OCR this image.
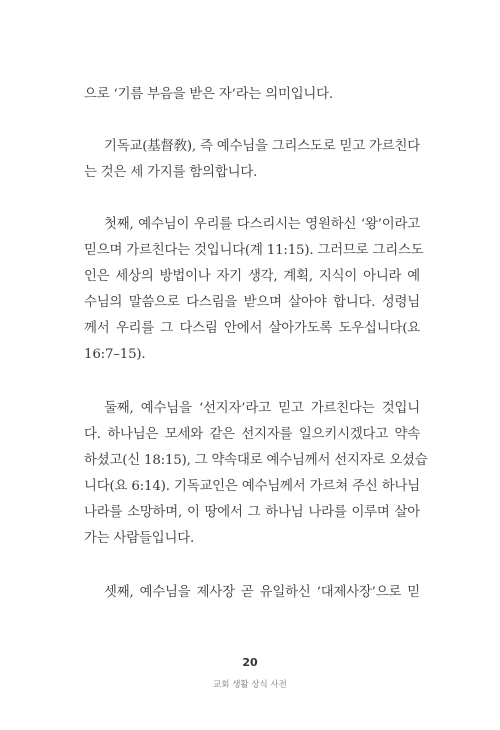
으로 ‘기름 부음을 받은 자’라는 의미입니다.
기독교(基督敎), 즉 예수님을 그리스도로 믿고 가르친다
는 것은 세 가지를 함의합니다.
첫째, 예수님이 우리를 다스리시는 영원하신 ‘왕’이라고
믿으며 가르친다는 것입니다(계 11:15). 그러므로 그리스도
인은 세상의 방법이나 자기 생각, 계획, 지식이 아니라 예
수님의 말씀으로 다스림을 받으며 살아야 합니다. 성령님
께서 우리를 그 다스림 안에서 살아가도록 도우십니다(요
16:7–15).
둘째, 예수님을 ‘선지자’라고 믿고 가르친다는 것입니
다. 하나님은 모세와 같은 선지자를 일으키시겠다고 약속
하셨고(신 18:15), 그 약속대로 예수님께서 선지자로 오셨습
니다(요 6:14). 기독교인은 예수님께서 가르쳐 주신 하나님
나라를 소망하며, 이 땅에서 그 하나님 나라를 이루며 살아
가는 사람들입니다.
셋째, 예수님을 제사장 곧 유일하신 ‘대제사장’으로 믿
20
교회 생활 상식 사전
